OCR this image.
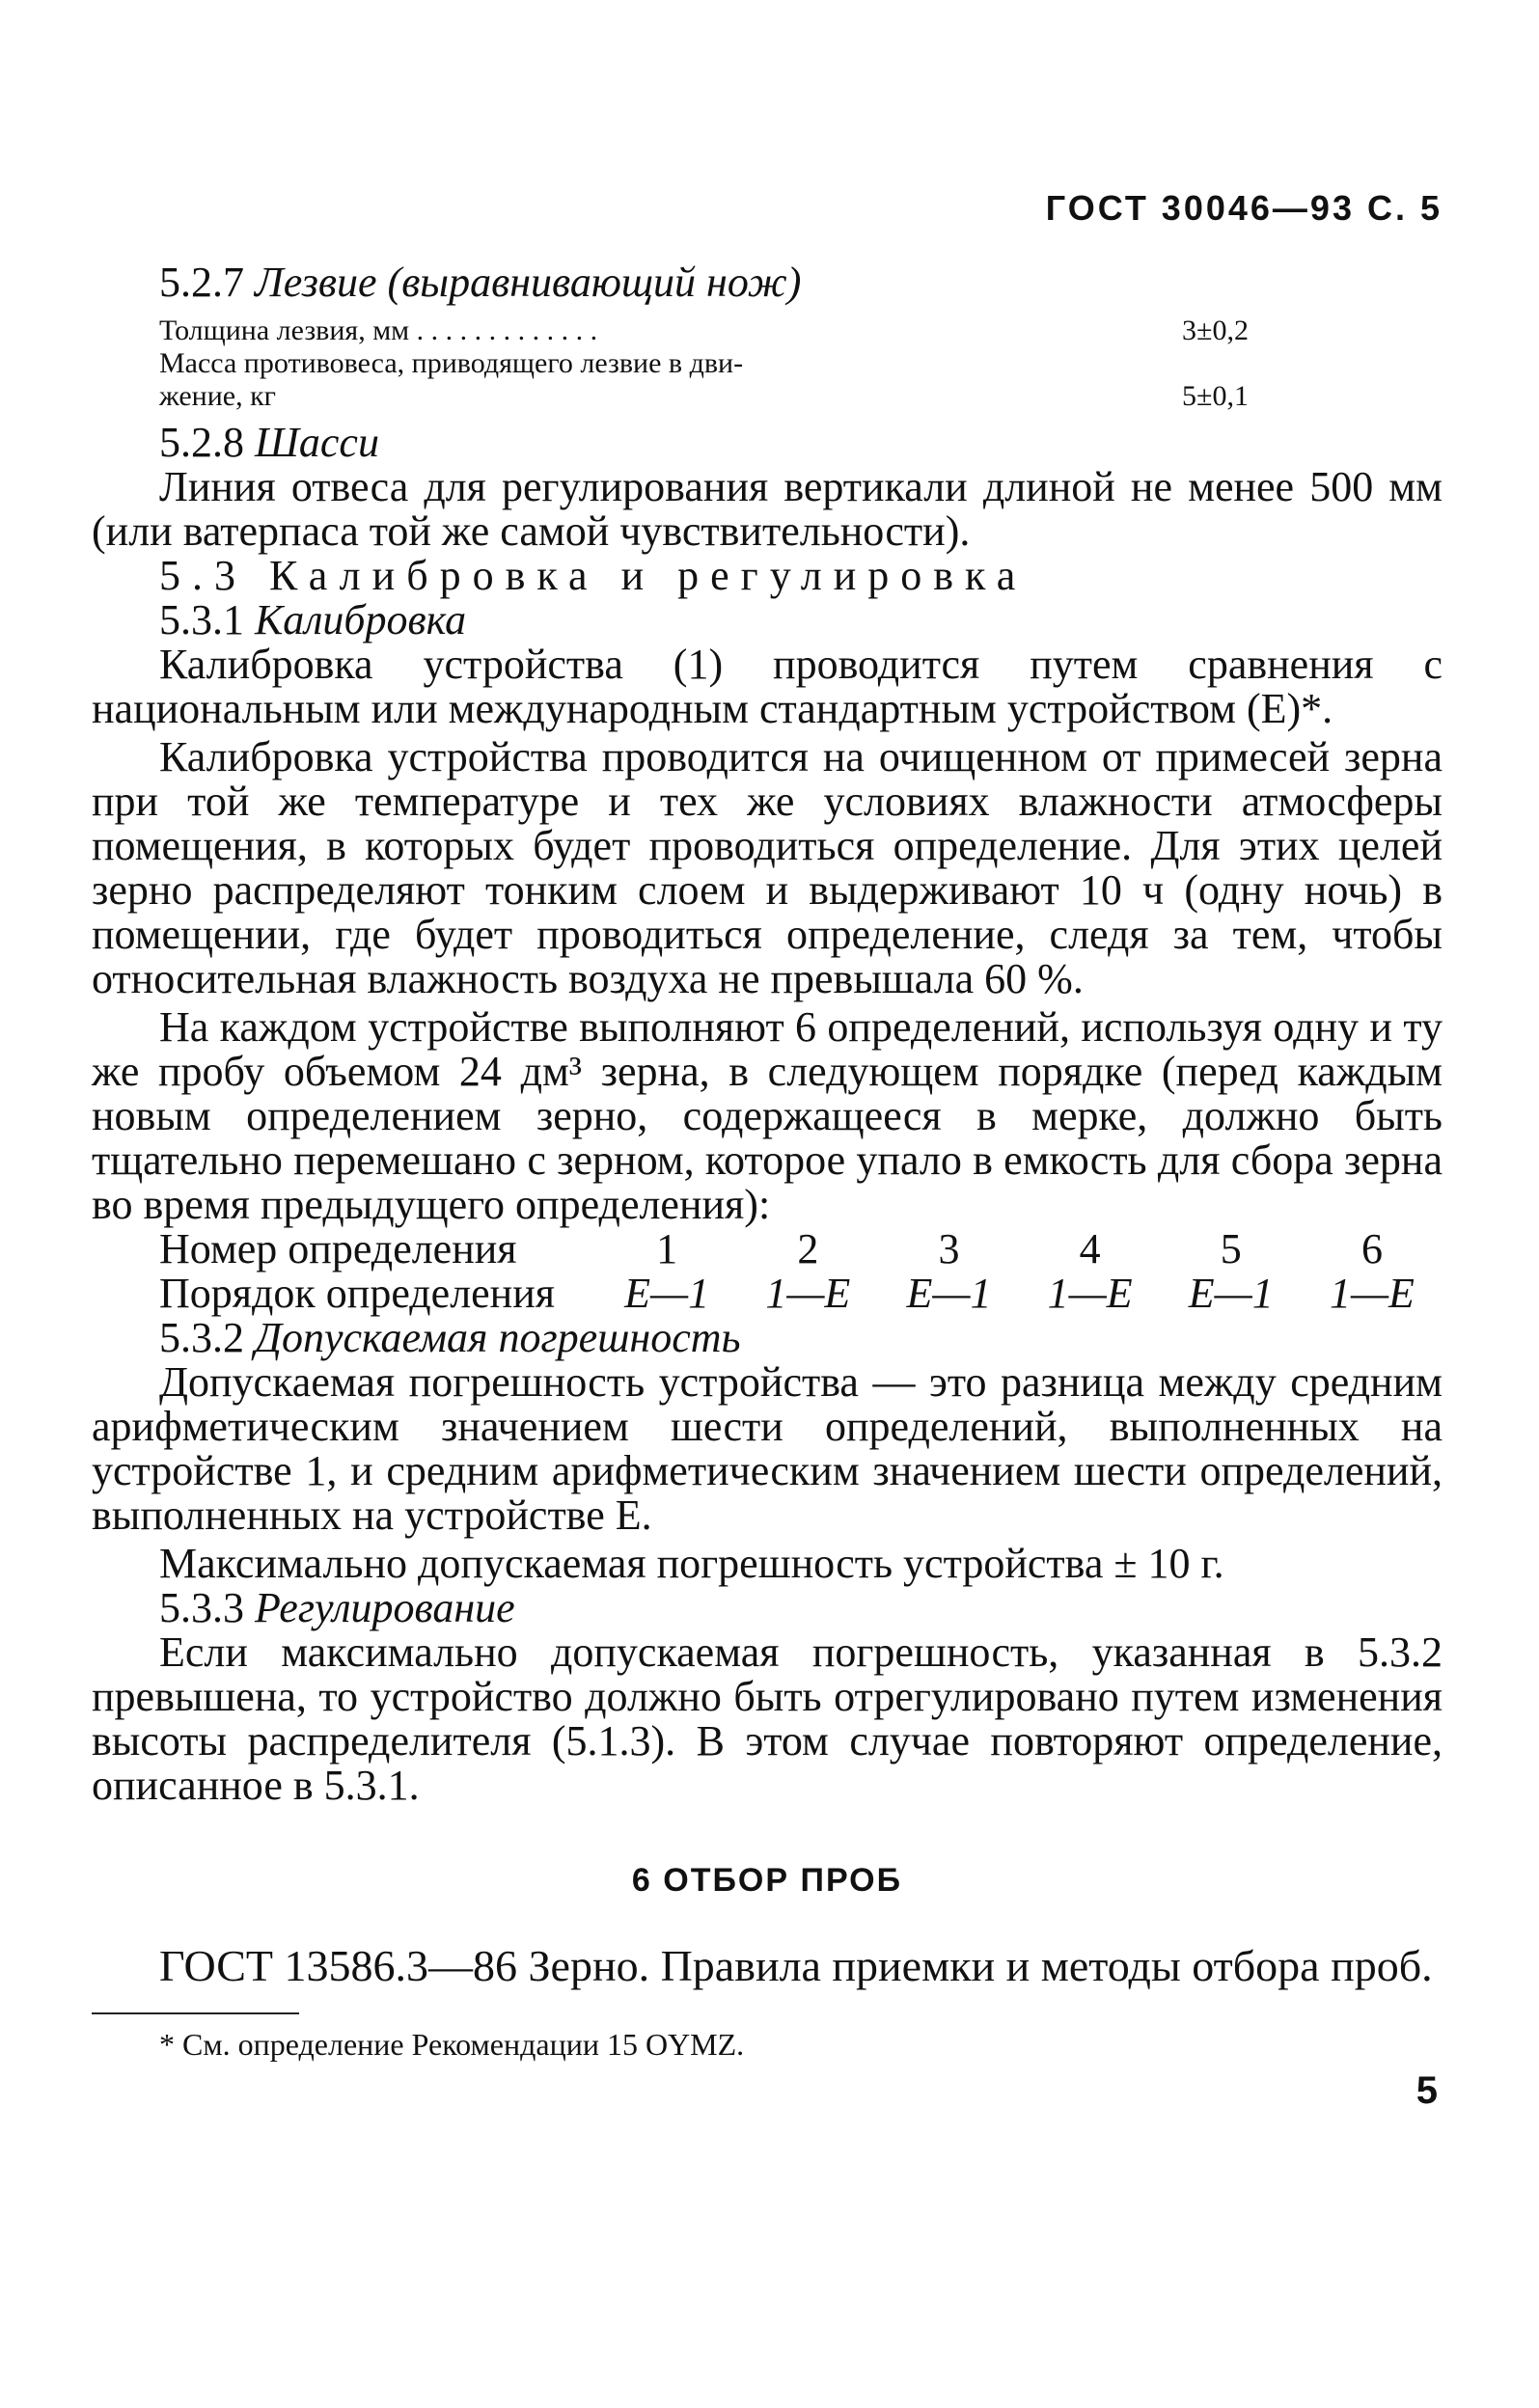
ГОСТ 30046—93 С. 5
5.2.7 Лезвие (выравнивающий нож)
Толщина лезвия, мм . . . . . . . . . . . . .	3±0,2
Масса противовеса, приводящего лезвие в дви-
жение, кг	5±0,1
5.2.8 Шасси

Линия отвеса для регулирования вертикали длиной не менее 500 мм (или ватерпаса той же самой чувствительности).

5.3 Калибровка и регулировка
5.3.1 Калибровка

Калибровка устройства (1) проводится путем сравнения с национальным или международным стандартным устройством (E)*.

Калибровка устройства проводится на очищенном от примесей зерна при той же температуре и тех же условиях влажности атмосферы помещения, в которых будет проводиться определение. Для этих целей зерно распределяют тонким слоем и выдерживают 10 ч (одну ночь) в помещении, где будет проводиться определение, следя за тем, чтобы относительная влажность воздуха не превышала 60 %.

На каждом устройстве выполняют 6 определений, используя одну и ту же пробу объемом 24 дм³ зерна, в следующем порядке (перед каждым новым определением зерно, содержащееся в мерке, должно быть тщательно перемешано с зерном, которое упало в емкость для сбора зерна во время предыдущего определения):

Номер определения	1	2	3	4	5	6
Порядок определения	E—1	1—E	E—1	1—E	E—1	1—E
5.3.2 Допускаемая погрешность

Допускаемая погрешность устройства — это разница между средним арифметическим значением шести определений, выполненных на устройстве 1, и средним арифметическим значением шести определений, выполненных на устройстве E.

Максимально допускаемая погрешность устройства ± 10 г.

5.3.3 Регулирование

Если максимально допускаемая погрешность, указанная в 5.3.2 превышена, то устройство должно быть отрегулировано путем изменения высоты распределителя (5.1.3). В этом случае повторяют определение, описанное в 5.3.1.

6 ОТБОР ПРОБ

ГОСТ 13586.3—86 Зерно. Правила приемки и методы отбора проб.

* См. определение Рекомендации 15 OYMZ.
5
